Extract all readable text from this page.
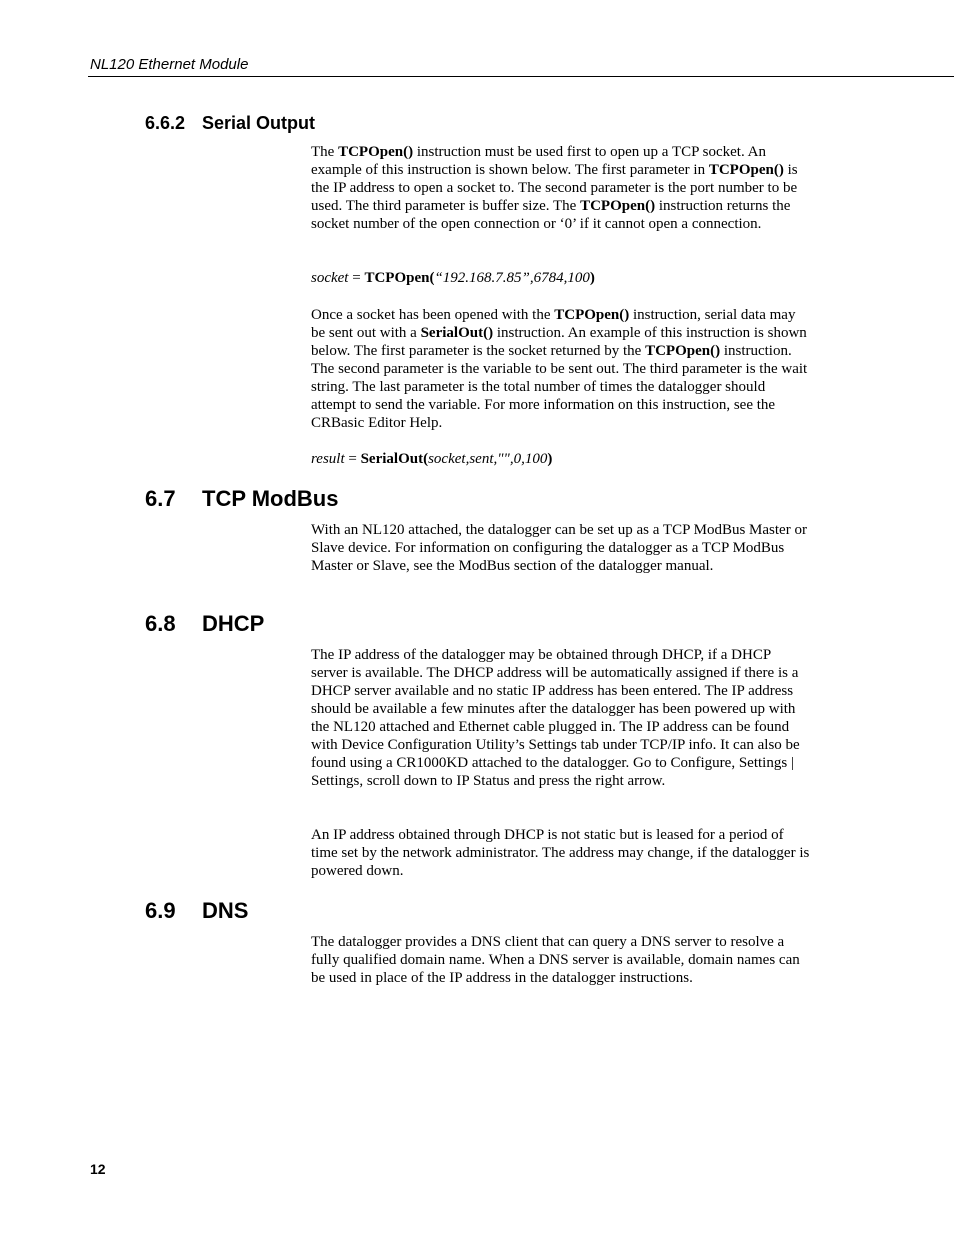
NL120 Ethernet Module
6.6.2 Serial Output
The TCPOpen() instruction must be used first to open up a TCP socket. An example of this instruction is shown below. The first parameter in TCPOpen() is the IP address to open a socket to. The second parameter is the port number to be used. The third parameter is buffer size. The TCPOpen() instruction returns the socket number of the open connection or ‘0’ if it cannot open a connection.
socket = TCPOpen(“192.168.7.85”,6784,100)
Once a socket has been opened with the TCPOpen() instruction, serial data may be sent out with a SerialOut() instruction. An example of this instruction is shown below. The first parameter is the socket returned by the TCPOpen() instruction. The second parameter is the variable to be sent out. The third parameter is the wait string. The last parameter is the total number of times the datalogger should attempt to send the variable. For more information on this instruction, see the CRBasic Editor Help.
result = SerialOut(socket,sent,"",0,100)
6.7 TCP ModBus
With an NL120 attached, the datalogger can be set up as a TCP ModBus Master or Slave device. For information on configuring the datalogger as a TCP ModBus Master or Slave, see the ModBus section of the datalogger manual.
6.8 DHCP
The IP address of the datalogger may be obtained through DHCP, if a DHCP server is available. The DHCP address will be automatically assigned if there is a DHCP server available and no static IP address has been entered. The IP address should be available a few minutes after the datalogger has been powered up with the NL120 attached and Ethernet cable plugged in. The IP address can be found with Device Configuration Utility’s Settings tab under TCP/IP info. It can also be found using a CR1000KD attached to the datalogger. Go to Configure, Settings | Settings, scroll down to IP Status and press the right arrow.
An IP address obtained through DHCP is not static but is leased for a period of time set by the network administrator. The address may change, if the datalogger is powered down.
6.9 DNS
The datalogger provides a DNS client that can query a DNS server to resolve a fully qualified domain name. When a DNS server is available, domain names can be used in place of the IP address in the datalogger instructions.
12
